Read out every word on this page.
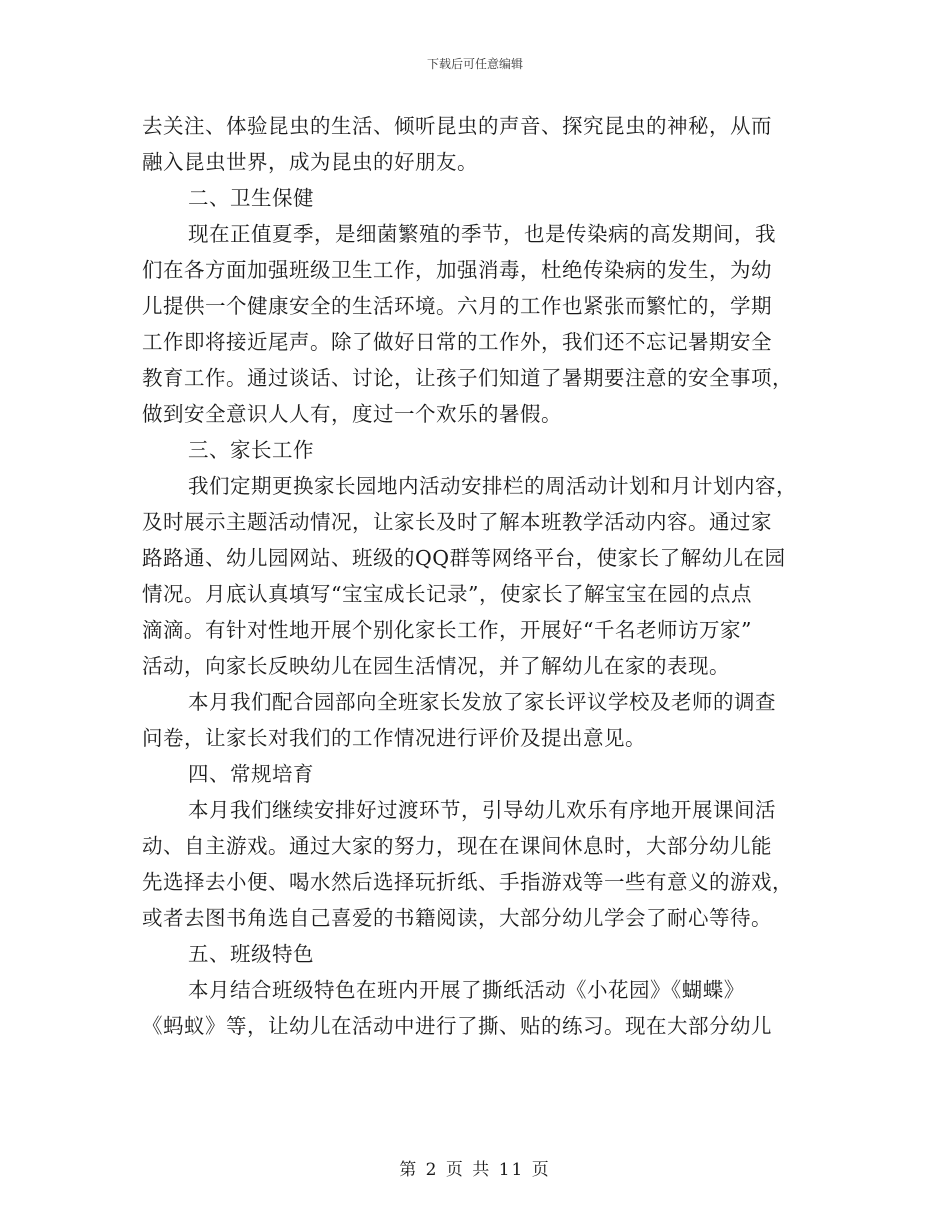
下载后可任意编辑
去关注、体验昆虫的生活、倾听昆虫的声音、探究昆虫的神秘，从而
融入昆虫世界，成为昆虫的好朋友。
二、卫生保健
现在正值夏季，是细菌繁殖的季节，也是传染病的高发期间，我
们在各方面加强班级卫生工作，加强消毒，杜绝传染病的发生，为幼
儿提供一个健康安全的生活环境。六月的工作也紧张而繁忙的，学期
工作即将接近尾声。除了做好日常的工作外，我们还不忘记暑期安全
教育工作。通过谈话、讨论，让孩子们知道了暑期要注意的安全事项，
做到安全意识人人有，度过一个欢乐的暑假。
三、家长工作
我们定期更换家长园地内活动安排栏的周活动计划和月计划内容，
及时展示主题活动情况，让家长及时了解本班教学活动内容。通过家
路路通、幼儿园网站、班级的QQ群等网络平台，使家长了解幼儿在园
情况。月底认真填写“宝宝成长记录”，使家长了解宝宝在园的点点
滴滴。有针对性地开展个别化家长工作，开展好“千名老师访万家”
活动，向家长反映幼儿在园生活情况，并了解幼儿在家的表现。
本月我们配合园部向全班家长发放了家长评议学校及老师的调查
问卷，让家长对我们的工作情况进行评价及提出意见。
四、常规培育
本月我们继续安排好过渡环节，引导幼儿欢乐有序地开展课间活
动、自主游戏。通过大家的努力，现在在课间休息时，大部分幼儿能
先选择去小便、喝水然后选择玩折纸、手指游戏等一些有意义的游戏，
或者去图书角选自己喜爱的书籍阅读，大部分幼儿学会了耐心等待。
五、班级特色
本月结合班级特色在班内开展了撕纸活动《小花园》《蝴蝶》
《蚂蚁》等，让幼儿在活动中进行了撕、贴的练习。现在大部分幼儿
第 2 页 共 11 页
